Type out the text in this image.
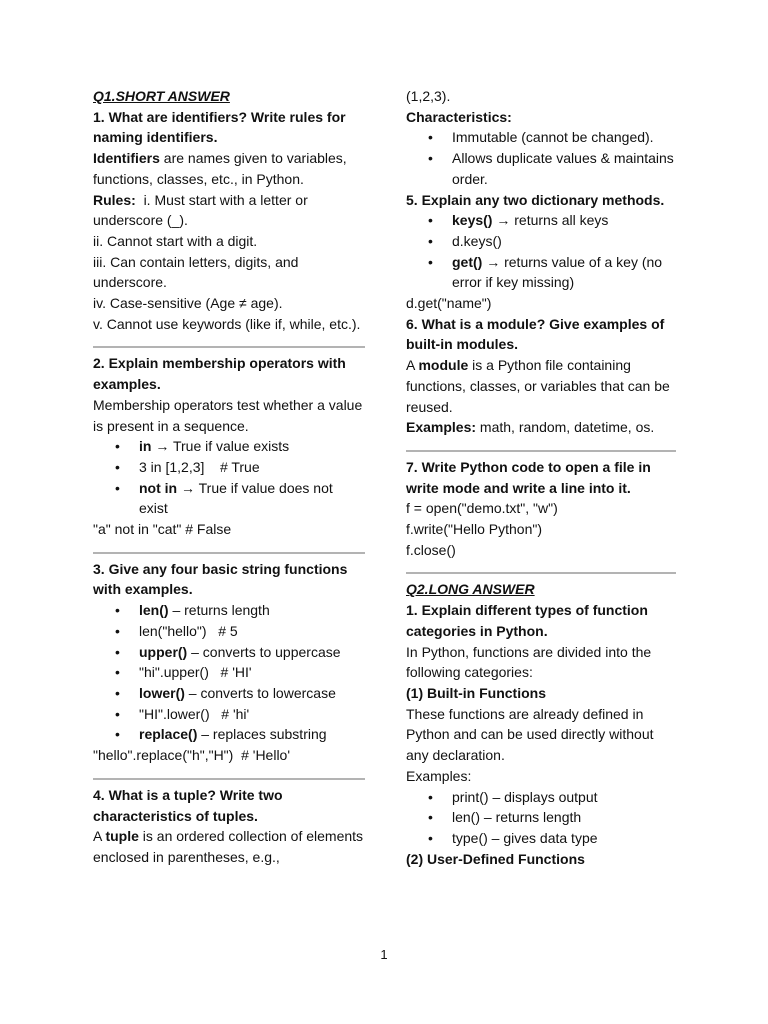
Q1.SHORT ANSWER

1. What are identifiers? Write rules for naming identifiers.

Identifiers are names given to variables, functions, classes, etc., in Python.

Rules:  i. Must start with a letter or underscore (_).

ii. Cannot start with a digit.

iii. Can contain letters, digits, and underscore.

iv. Case-sensitive (Age ≠ age).

v. Cannot use keywords (like if, while, etc.).

2. Explain membership operators with examples.

Membership operators test whether a value is present in a sequence.

• in → True if value exists
• 3 in [1,2,3]    # True
• not in → True if value does not exist

"a" not in "cat" # False

3. Give any four basic string functions with examples.

• len() – returns length
• len("hello")   # 5
• upper() – converts to uppercase
• "hi".upper()   # 'HI'
• lower() – converts to lowercase
• "HI".lower()   # 'hi'
• replace() – replaces substring

"hello".replace("h","H")  # 'Hello'

4. What is a tuple? Write two characteristics of tuples.

A tuple is an ordered collection of elements enclosed in parentheses, e.g.,

(1,2,3).

Characteristics:

• Immutable (cannot be changed).
• Allows duplicate values & maintains order.

5. Explain any two dictionary methods.

• keys() → returns all keys
• d.keys()
• get() → returns value of a key (no error if key missing)

d.get("name")

6. What is a module? Give examples of built-in modules.

A module is a Python file containing functions, classes, or variables that can be reused.

Examples: math, random, datetime, os.

7. Write Python code to open a file in write mode and write a line into it.

f = open("demo.txt", "w")

f.write("Hello Python")

f.close()

Q2.LONG ANSWER

1. Explain different types of function categories in Python.

In Python, functions are divided into the following categories:

(1) Built-in Functions

These functions are already defined in Python and can be used directly without any declaration.

Examples:

• print() – displays output
• len() – returns length
• type() – gives data type

(2) User-Defined Functions

1
